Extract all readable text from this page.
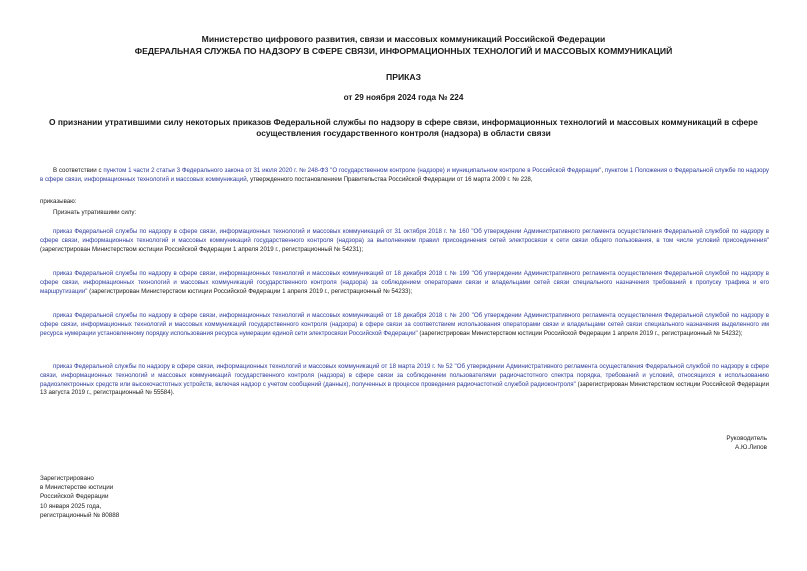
Министерство цифрового развития, связи и массовых коммуникаций Российской Федерации
ФЕДЕРАЛЬНАЯ СЛУЖБА ПО НАДЗОРУ В СФЕРЕ СВЯЗИ, ИНФОРМАЦИОННЫХ ТЕХНОЛОГИЙ И МАССОВЫХ КОММУНИКАЦИЙ
ПРИКАЗ
от 29 ноября 2024 года № 224
О признании утратившими силу некоторых приказов Федеральной службы по надзору в сфере связи, информационных технологий и массовых коммуникаций в сфере осуществления государственного контроля (надзора) в области связи

В соответствии с пунктом 1 части 2 статьи 3 Федерального закона от 31 июля 2020 г. № 248-ФЗ "О государственном контроле (надзоре) и муниципальном контроле в Российской Федерации", пунктом 1 Положения о Федеральной службе по надзору в сфере связи, информационных технологий и массовых коммуникаций, утвержденного постановлением Правительства Российской Федерации от 16 марта 2009 г. № 228,

приказываю:

Признать утратившими силу:

приказ Федеральной службы по надзору в сфере связи, информационных технологий и массовых коммуникаций от 31 октября 2018 г. № 160 "Об утверждении Административного регламента осуществления Федеральной службой по надзору в сфере связи, информационных технологий и массовых коммуникаций государственного контроля (надзора) за выполнением правил присоединения сетей электросвязи к сети связи общего пользования, в том числе условий присоединения" (зарегистрирован Министерством юстиции Российской Федерации 1 апреля 2019 г., регистрационный № 54231);

приказ Федеральной службы по надзору в сфере связи, информационных технологий и массовых коммуникаций от 18 декабря 2018 г. № 199 "Об утверждении Административного регламента осуществления Федеральной службой по надзору в сфере связи, информационных технологий и массовых коммуникаций государственного контроля (надзора) за соблюдением операторами связи и владельцами сетей связи специального назначения требований к пропуску трафика и его маршрутизации" (зарегистрирован Министерством юстиции Российской Федерации 1 апреля 2019 г., регистрационный № 54233);

приказ Федеральной службы по надзору в сфере связи, информационных технологий и массовых коммуникаций от 18 декабря 2018 г. № 200 "Об утверждении Административного регламента осуществления Федеральной службой по надзору в сфере связи, информационных технологий и массовых коммуникаций государственного контроля (надзора) в сфере связи за соответствием использования операторами связи и владельцами сетей связи специального назначения выделенного им ресурса нумерации установленному порядку использования ресурса нумерации единой сети электросвязи Российской Федерации" (зарегистрирован Министерством юстиции Российской Федерации 1 апреля 2019 г., регистрационный № 54232);

приказ Федеральной службы по надзору в сфере связи, информационных технологий и массовых коммуникаций от 18 марта 2019 г. № 52 "Об утверждении Административного регламента осуществления Федеральной службой по надзору в сфере связи, информационных технологий и массовых коммуникаций государственного контроля (надзора) в сфере связи за соблюдением пользователями радиочастотного спектра порядка, требований и условий, относящихся к использованию радиоэлектронных средств или высокочастотных устройств, включая надзор с учетом сообщений (данных), полученных в процессе проведения радиочастотной службой радиоконтроля" (зарегистрирован Министерством юстиции Российской Федерации 13 августа 2019 г., регистрационный № 55584).

Руководитель
А.Ю.Липов
Зарегистрировано
в Министерстве юстиции
Российской Федерации
10 января 2025 года,
регистрационный № 80888
